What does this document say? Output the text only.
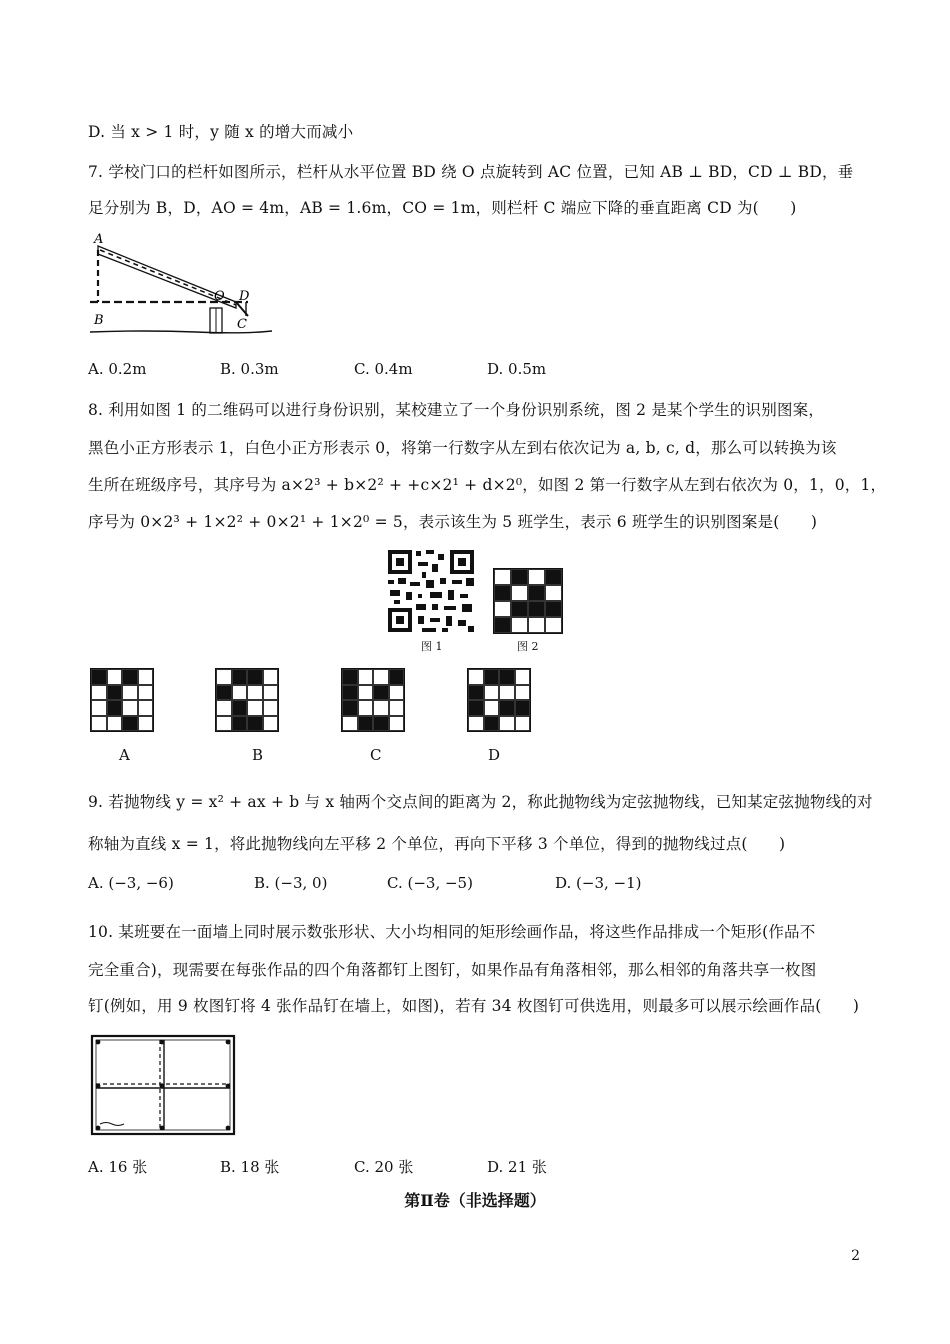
D. 当 x > 1 时，y 随 x 的增大而减小
7. 学校门口的栏杆如图所示，栏杆从水平位置 BD 绕 O 点旋转到 AC 位置，已知 AB ⊥ BD，CD ⊥ BD，垂
足分别为 B，D，AO = 4m，AB = 1.6m，CO = 1m，则栏杆 C 端应下降的垂直距离 CD 为(　　)
A
B
O D
C
A. 0.2m	B. 0.3m	C. 0.4m	D. 0.5m
8. 利用如图 1 的二维码可以进行身份识别，某校建立了一个身份识别系统，图 2 是某个学生的识别图案，
黑色小正方形表示 1，白色小正方形表示 0，将第一行数字从左到右依次记为 a, b, c, d，那么可以转换为该
生所在班级序号，其序号为 a×2³ + b×2² + +c×2¹ + d×2⁰，如图 2 第一行数字从左到右依次为 0，1，0，1，
序号为 0×2³ + 1×2² + 0×2¹ + 1×2⁰ = 5，表示该生为 5 班学生，表示 6 班学生的识别图案是(　　)
图 1	图 2
A	B	C	D
9. 若抛物线 y = x² + ax + b 与 x 轴两个交点间的距离为 2，称此抛物线为定弦抛物线，已知某定弦抛物线的对
称轴为直线 x = 1，将此抛物线向左平移 2 个单位，再向下平移 3 个单位，得到的抛物线过点(　　)
A. (−3, −6)	B. (−3, 0)	C. (−3, −5)	D. (−3, −1)
10. 某班要在一面墙上同时展示数张形状、大小均相同的矩形绘画作品，将这些作品排成一个矩形(作品不
完全重合)，现需要在每张作品的四个角落都钉上图钉，如果作品有角落相邻，那么相邻的角落共享一枚图
钉(例如，用 9 枚图钉将 4 张作品钉在墙上，如图)，若有 34 枚图钉可供选用，则最多可以展示绘画作品(　　)
A. 16 张	B. 18 张	C. 20 张	D. 21 张
第Ⅱ卷（非选择题）
2
